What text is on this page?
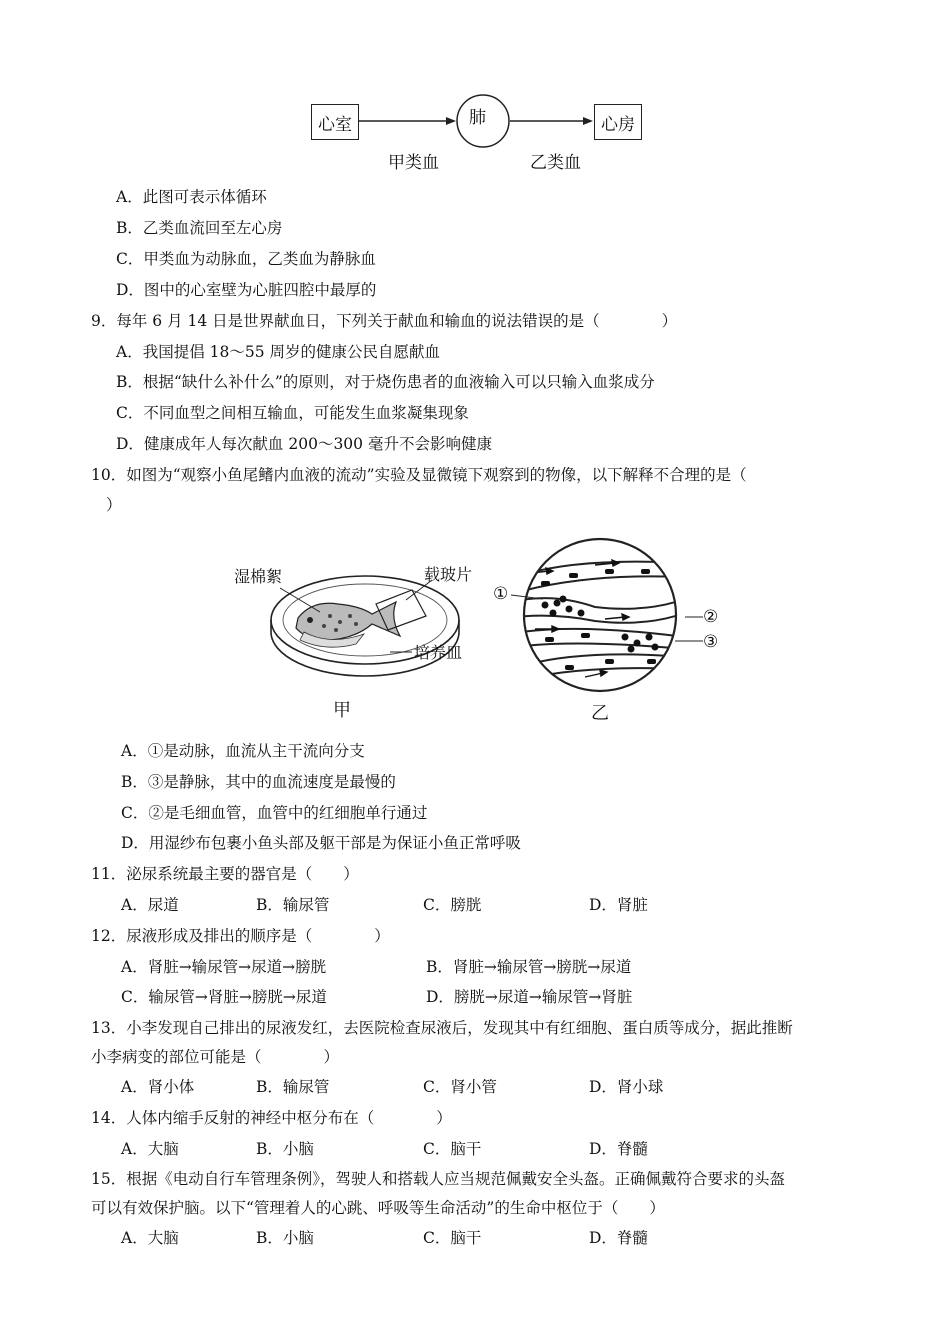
心室	肺	心房
甲类血	乙类血
A．此图可表示体循环
B．乙类血流回至左心房
C．甲类血为动脉血，乙类血为静脉血
D．图中的心室壁为心脏四腔中最厚的
9．每年 6 月 14 日是世界献血日，下列关于献血和输血的说法错误的是（　　　　）
A．我国提倡 18～55 周岁的健康公民自愿献血
B．根据“缺什么补什么”的原则，对于烧伤患者的血液输入可以只输入血浆成分
C．不同血型之间相互输血，可能发生血浆凝集现象
D．健康成年人每次献血 200～300 毫升不会影响健康
10．如图为“观察小鱼尾鳍内血液的流动”实验及显微镜下观察到的物像，以下解释不合理的是（
）
湿棉絮	载玻片
培养皿
甲
①
②
③
乙
A．①是动脉，血流从主干流向分支
B．③是静脉，其中的血流速度是最慢的
C．②是毛细血管，血管中的红细胞单行通过
D．用湿纱布包裹小鱼头部及躯干部是为保证小鱼正常呼吸
11．泌尿系统最主要的器官是（　　）
A．尿道	B．输尿管	C．膀胱	D．肾脏
12．尿液形成及排出的顺序是（　　　　）
A．肾脏→输尿管→尿道→膀胱	B．肾脏→输尿管→膀胱→尿道
C．输尿管→肾脏→膀胱→尿道	D．膀胱→尿道→输尿管→肾脏
13．小李发现自己排出的尿液发红，去医院检查尿液后，发现其中有红细胞、蛋白质等成分，据此推断
小李病变的部位可能是（　　　　）
A．肾小体	B．输尿管	C．肾小管	D．肾小球
14．人体内缩手反射的神经中枢分布在（　　　　）
A．大脑	B．小脑	C．脑干	D．脊髓
15．根据《电动自行车管理条例》，驾驶人和搭载人应当规范佩戴安全头盔。正确佩戴符合要求的头盔
可以有效保护脑。以下“管理着人的心跳、呼吸等生命活动”的生命中枢位于（　　）
A．大脑	B．小脑	C．脑干	D．脊髓
